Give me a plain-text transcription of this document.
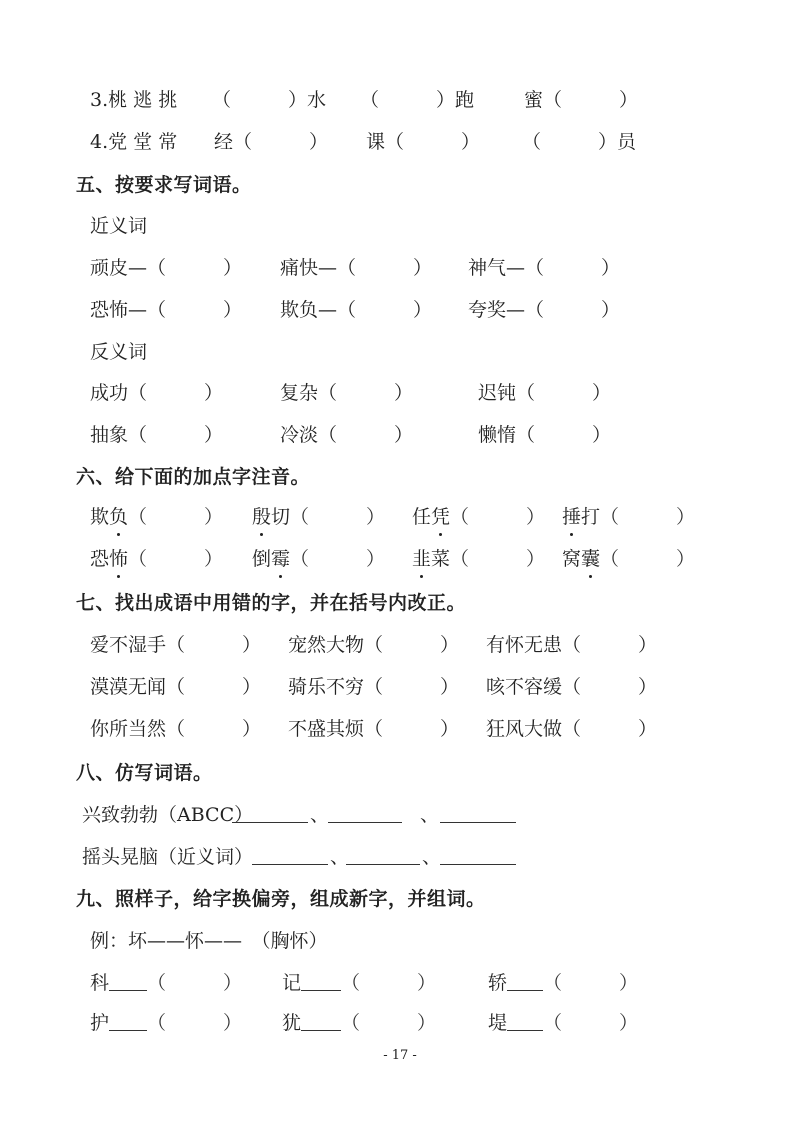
3.桃 逃 挑 （　　　）水 （　　　）跑	蜜（　　　）
4.党 堂 常 经（　　　） 课（　　　） （　　　）员
五、按要求写词语。
近义词
顽皮—（　　　） 痛快—（　　　） 神气—（　　　）
恐怖—（　　　） 欺负—（　　　） 夸奖—（　　　）
反义词
成功（　　　）	复杂（　　　）	迟钝（　　　）
抽象（　　　）	冷淡（　　　）	懒惰（　　　）
六、给下面的加点字注音。
欺负（　　　） 殷切（　　　） 任凭（　　　） 捶打（　　　）
恐怖（　　　） 倒霉（　　　） 韭菜（　　　） 窝囊（　　　）
七、找出成语中用错的字，并在括号内改正。
爱不湿手（　　　） 宠然大物（　　　） 有怀无患（　　　）
漠漠无闻（　　　） 骑乐不穷（　　　） 咳不容缓（　　　）
你所当然（　　　） 不盛其烦（　　　） 狂风大做（　　　）
八、仿写词语。
兴致勃勃（ABCC）	、	、
摇头晃脑（近义词）	、	、
九、照样子，给字换偏旁，组成新字，并组词。
例：坏——怀——　（胸怀）
科 （　　　） 记 （　　　）	轿 （　　　）
护 （　　　） 犹 （　　　）	堤 （　　　）
- 17 -
